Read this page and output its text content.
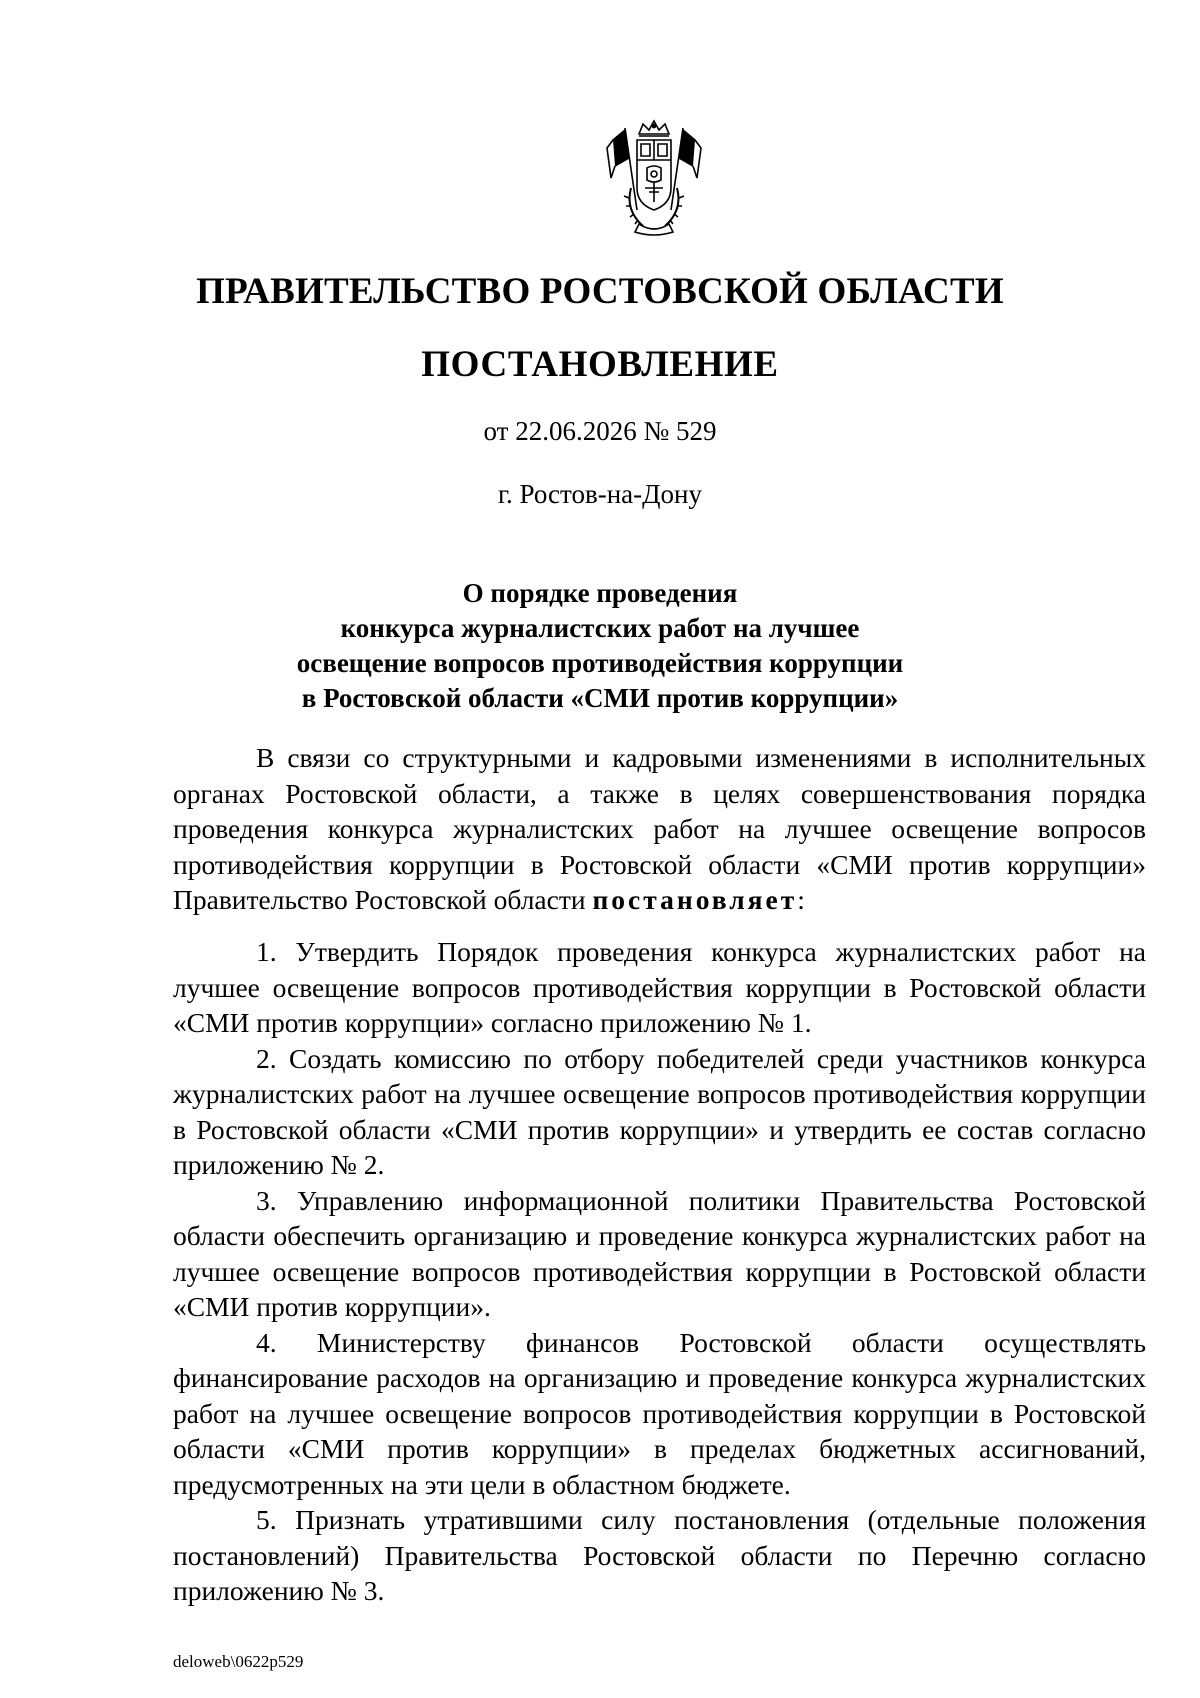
ПРАВИТЕЛЬСТВО РОСТОВСКОЙ ОБЛАСТИ
ПОСТАНОВЛЕНИЕ
от 22.06.2026 № 529
г. Ростов-на-Дону
О порядке проведения
конкурса журналистских работ на лучшее
освещение вопросов противодействия коррупции
в Ростовской области «СМИ против коррупции»

В связи со структурными и кадровыми изменениями в исполнительных органах Ростовской области, а также в целях совершенствования порядка проведения конкурса журналистских работ на лучшее освещение вопросов противодействия коррупции в Ростовской области «СМИ против коррупции» Правительство Ростовской области постановляет:

1. Утвердить Порядок проведения конкурса журналистских работ на лучшее освещение вопросов противодействия коррупции в Ростовской области «СМИ против коррупции» согласно приложению № 1.

2. Создать комиссию по отбору победителей среди участников конкурса журналистских работ на лучшее освещение вопросов противодействия коррупции в Ростовской области «СМИ против коррупции» и утвердить ее состав согласно приложению № 2.

3. Управлению информационной политики Правительства Ростовской области обеспечить организацию и проведение конкурса журналистских работ на лучшее освещение вопросов противодействия коррупции в Ростовской области «СМИ против коррупции».

4. Министерству финансов Ростовской области осуществлять финансирование расходов на организацию и проведение конкурса журналистских работ на лучшее освещение вопросов противодействия коррупции в Ростовской области «СМИ против коррупции» в пределах бюджетных ассигнований, предусмотренных на эти цели в областном бюджете.

5. Признать утратившими силу постановления (отдельные положения постановлений) Правительства Ростовской области по Перечню согласно приложению № 3.

deloweb\0622p529
